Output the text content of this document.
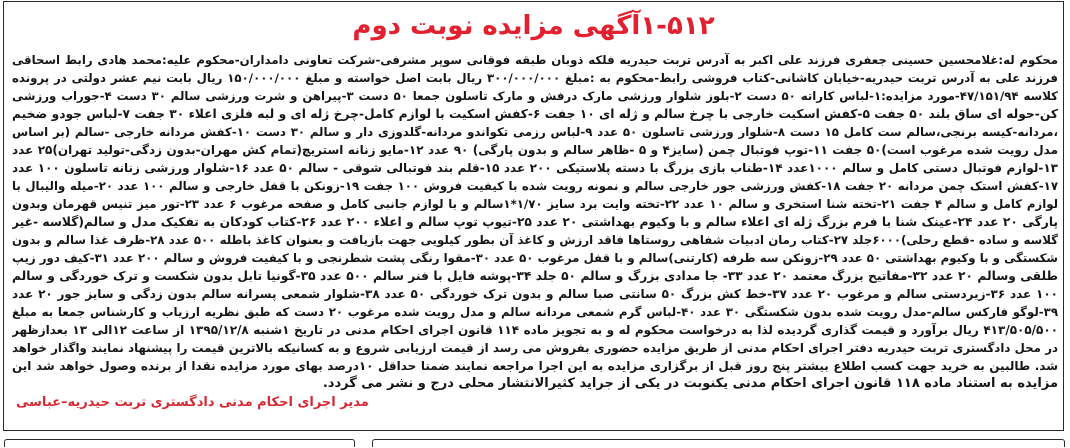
۱-۵۱۲آگهی مزایده نوبت دوم
محکوم له:غلامحسین حسینی جعفری فرزند علی اکبر به آدرس تربت حیدریه فلکه ذوبان طبقه فوقانی سوپر مشرفی-شرکت تعاونی دامداران-محکوم علیه:محمد هادی رابط اسحاقی
فرزند علی به آدرس تربت حیدریه-خیابان کاشانی-کتاب فروشی رابط-محکوم به :مبلغ ۳۰۰/۰۰۰/۰۰۰ ریال بابت اصل خواسته و مبلغ ۱۵۰/۰۰۰/۰۰۰ ریال بابت نیم عشر دولتی در پرونده
کلاسه ۴۷/۱۵۱/۹۴-مورد مزایده:۱-لباس کاراته ۵۰ دست ۲-بلوز شلوار ورزشی مارک درفش و مارک تاسلون جمعا ۵۰ دست ۳-پیراهن و شرت ورزشی سالم ۳۰ دست ۴-جوراب ورزشی
کن-حوله ای ساق بلند ۵۰ جفت ۵-کفش اسکیت خارجی با چرخ سالم و ژله ای ۱۰ جفت ۶-کفش اسکیت با لوازم کامل-چرخ ژله ای و لبه فلزی اعلاء ۳۰ جفت ۷-لباس جودو ضخیم
،مردانه-کیسه برنجی،سالم ست کامل ۱۵ دست ۸-شلوار ورزشی تاسلون ۵۰ عدد ۹-لباس رزمی تکواندو مردانه-گلدوزی دار و سالم ۳۰ دست ۱۰-کفش مردانه خارجی -سالم (بر اساس
مدل رویت شده مرغوب است)۵۰ جفت ۱۱-توپ فوتبال چمن (سایز۴ و ۵ -ظاهر سالم و بدون پارگی) ۹۰ عدد ۱۲-مایو زنانه استریچ(تمام کش مهران-بدون زدگی-تولید تهران)۲۵ عدد
۱۳-لوازم فوتبال دستی کامل و سالم ۱۰۰۰عدد ۱۴-طناب بازی بزرگ با دسته پلاستیکی ۲۰۰ عدد ۱۵-قلم بند فوتبالی شوقی - سالم ۵۰ عدد ۱۶-شلوار ورزشی زنانه تاسلون ۱۰۰ عدد
۱۷-کفش استک چمن مردانه ۲۰ جفت ۱۸-کفش ورزشی جور خارجی سالم و نمونه رویت شده با کیفیت فروش ۱۰۰ جفت ۱۹-زونکن با قفل خارجی و سالم ۱۰۰ عدد ۲۰-میله والیبال با
لوازم کامل و سالم ۴ جفت ۲۱-تخته شنا استخری و سالم ۱۰ عدد ۲۲-تخته وایت برد سایز ۱/۷۰*۱سالم و با لوازم جانبی کامل و صفحه مرغوب ۶ عدد ۲۳-تور میز تنیس قهرمان وبدون
پارگی ۲۰ عدد ۲۴-عینک شنا با فرم بزرگ ژله ای اعلاء سالم و با وکیوم بهداشتی ۲۰ عدد ۲۵-تیوپ توپ سالم و اعلاء ۲۰۰ عدد ۲۶-کتاب کودکان به تفکیک مدل و سالم(گلاسه -غیر
گلاسه و ساده -قطع رحلی)۶۰۰۰جلد ۲۷-کتاب رمان ادبیات شفاهی روستاها فاقد ارزش و کاغذ آن بطور کیلویی جهت بازیافت و بعنوان کاغذ باطله ۵۰۰ عدد ۲۸-ظرف غذا سالم و بدون
شکستگی و با وکیوم بهداشتی ۵۰ عدد ۲۹-زونکن سه طرفه (کارتنی)سالم و با قفل مرغوب ۵۰ عدد ۳۰-مقوا رنگی پشت شطرنجی و با کیفیت فروش و سالم ۲۰۰ عدد ۳۱-کیف دور زیپ
طلقی وسالم ۲۰ عدد ۳۲-مفاتیح بزرگ معتمد ۲۰ عدد ۳۳- جا مدادی بزرگ و سالم ۵۰ جلد ۳۴-پوشه فایل با فنر سالم ۵۰۰ عدد ۳۵-گونیا تابل بدون شکست و ترک خوردگی و سالم
۱۰۰ عدد ۳۶-زیردستی سالم و مرغوب ۲۰ عدد ۳۷-خط کش بزرگ ۵۰ سانتی صبا سالم و بدون ترک خوردگی ۵۰ عدد ۳۸-شلوار شمعی پسرانه سالم بدون زدگی و سایز جور ۲۰ عدد
۳۹-لوگو فارکس سالم-مدل رویت شده بدون شکستگی ۳۰ عدد ۴۰-لباس گرم شمعی مردانه سالم و مدل رویت شده مرغوب ۲۰ دست که طبق نظریه ارزیاب و کارشناس جمعا به مبلغ
۴۱۳/۵۰۵/۵۰۰ ریال برآورد و قیمت گذاری گردیده لذا به درخواست محکوم له و به تجویز ماده ۱۱۴ قانون اجرای احکام مدنی در تاریخ ۱شنبه ۱۳۹۵/۱۲/۸ از ساعت ۱۲الی ۱۳ بعدازظهر
در محل دادگستری تربت حیدریه دفتر اجرای احکام مدنی از طریق مزایده حضوری بفروش می رسد از قیمت ارزیابی شروع و به کسانیکه بالاترین قیمت را پیشنهاد نمایند واگذار خواهد
شد. طالبین به خرید جهت کسب اطلاع بیشتر پنج روز قبل از برگزاری مزایده به این اجرا مراجعه نمایند ضمنا حداقل ۱۰درصد بهای مورد مزایده نقدا از برنده وصول خواهد شد این
مزایده به استناد ماده ۱۱۸ قانون اجرای احکام مدنی یکنوبت در یکی از جراید کثیرالانتشار محلی درج و نشر می گردد.
مدیر اجرای احکام مدنی دادگستری تربت حیدریه–عباسی
